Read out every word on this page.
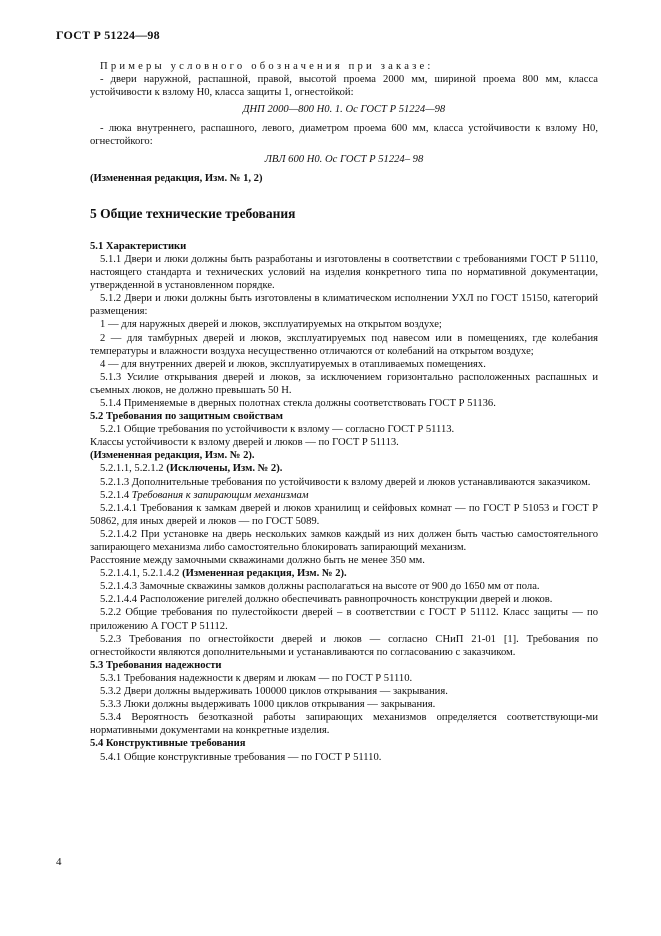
ГОСТ Р 51224—98

Примеры условного обозначения при заказе:

- двери наружной, распашной, правой, высотой проема 2000 мм, шириной проема 800 мм, класса устойчивости к взлому Н0, класса защиты 1, огнестойкой:

ДНП 2000—800 Н0. 1. Ос ГОСТ Р 51224—98

- люка внутреннего, распашного, левого, диаметром проема 600 мм, класса устойчивости к взлому Н0, огнестойкого:

ЛВЛ 600 Н0. Ос ГОСТ Р 51224– 98

(Измененная редакция, Изм. № 1, 2)

5 Общие технические требования

5.1 Характеристики

5.1.1 Двери и люки должны быть разработаны и изготовлены в соответствии с требованиями ГОСТ Р 51110, настоящего стандарта и технических условий на изделия конкретного типа по нормативной документации, утвержденной в установленном порядке.

5.1.2 Двери и люки должны быть изготовлены в климатическом исполнении УХЛ по ГОСТ 15150, категорий размещения:

1 — для наружных дверей и люков, эксплуатируемых на открытом воздухе;

2 — для тамбурных дверей и люков, эксплуатируемых под навесом или в помещениях, где колебания температуры и влажности воздуха несущественно отличаются от колебаний на открытом воздухе;

4 — для внутренних дверей и люков, эксплуатируемых в отапливаемых помещениях.

5.1.3 Усилие открывания дверей и люков, за исключением горизонтально расположенных распашных и съемных люков, не должно превышать 50 Н.

5.1.4 Применяемые в дверных полотнах стекла должны соответствовать ГОСТ Р 51136.

5.2 Требования по защитным свойствам

5.2.1 Общие требования по устойчивости к взлому — согласно ГОСТ Р 51113.

Классы устойчивости к взлому дверей и люков — по ГОСТ Р 51113.

(Измененная редакция, Изм. № 2).

5.2.1.1, 5.2.1.2 (Исключены, Изм. № 2).

5.2.1.3 Дополнительные требования по устойчивости к взлому дверей и люков устанавливаются заказчиком.

5.2.1.4 Требования к запирающим механизмам

5.2.1.4.1 Требования к замкам дверей и люков хранилищ и сейфовых комнат — по ГОСТ Р 51053 и ГОСТ Р 50862, для иных дверей и люков — по ГОСТ 5089.

5.2.1.4.2 При установке на дверь нескольких замков каждый из них должен быть частью самостоятельного запирающего механизма либо самостоятельно блокировать запирающий механизм.

Расстояние между замочными скважинами должно быть не менее 350 мм.

5.2.1.4.1, 5.2.1.4.2 (Измененная редакция, Изм. № 2).

5.2.1.4.3 Замочные скважины замков должны располагаться на высоте от 900 до 1650 мм от пола.

5.2.1.4.4 Расположение ригелей должно обеспечивать равнопрочность конструкции дверей и люков.

5.2.2 Общие требования по пулестойкости дверей – в соответствии с ГОСТ Р 51112. Класс защиты — по приложению А ГОСТ Р 51112.

5.2.3 Требования по огнестойкости дверей и люков — согласно СНиП 21-01 [1]. Требования по огнестойкости являются дополнительными и устанавливаются по согласованию с заказчиком.

5.3 Требования надежности

5.3.1 Требования надежности к дверям и люкам — по ГОСТ Р 51110.

5.3.2 Двери должны выдерживать 100000 циклов открывания — закрывания.

5.3.3 Люки должны выдерживать 1000 циклов открывания — закрывания.

5.3.4 Вероятность безотказной работы запирающих механизмов определяется соответствующи-ми нормативными документами на конкретные изделия.

5.4 Конструктивные требования

5.4.1 Общие конструктивные требования — по ГОСТ Р 51110.

4
